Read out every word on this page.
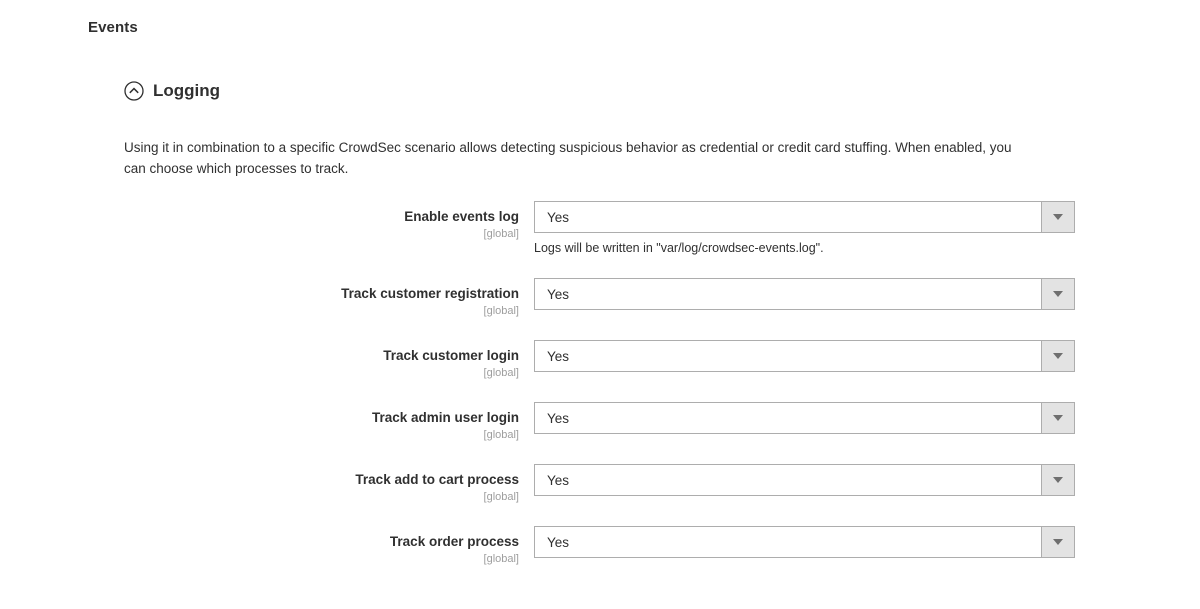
Events
Logging
Using it in combination to a specific CrowdSec scenario allows detecting suspicious behavior as credential or credit card stuffing. When enabled, you can choose which processes to track.
Enable events log
[global]
Yes
Logs will be written in "var/log/crowdsec-events.log".
Track customer registration
[global]
Yes
Track customer login
[global]
Yes
Track admin user login
[global]
Yes
Track add to cart process
[global]
Yes
Track order process
[global]
Yes
